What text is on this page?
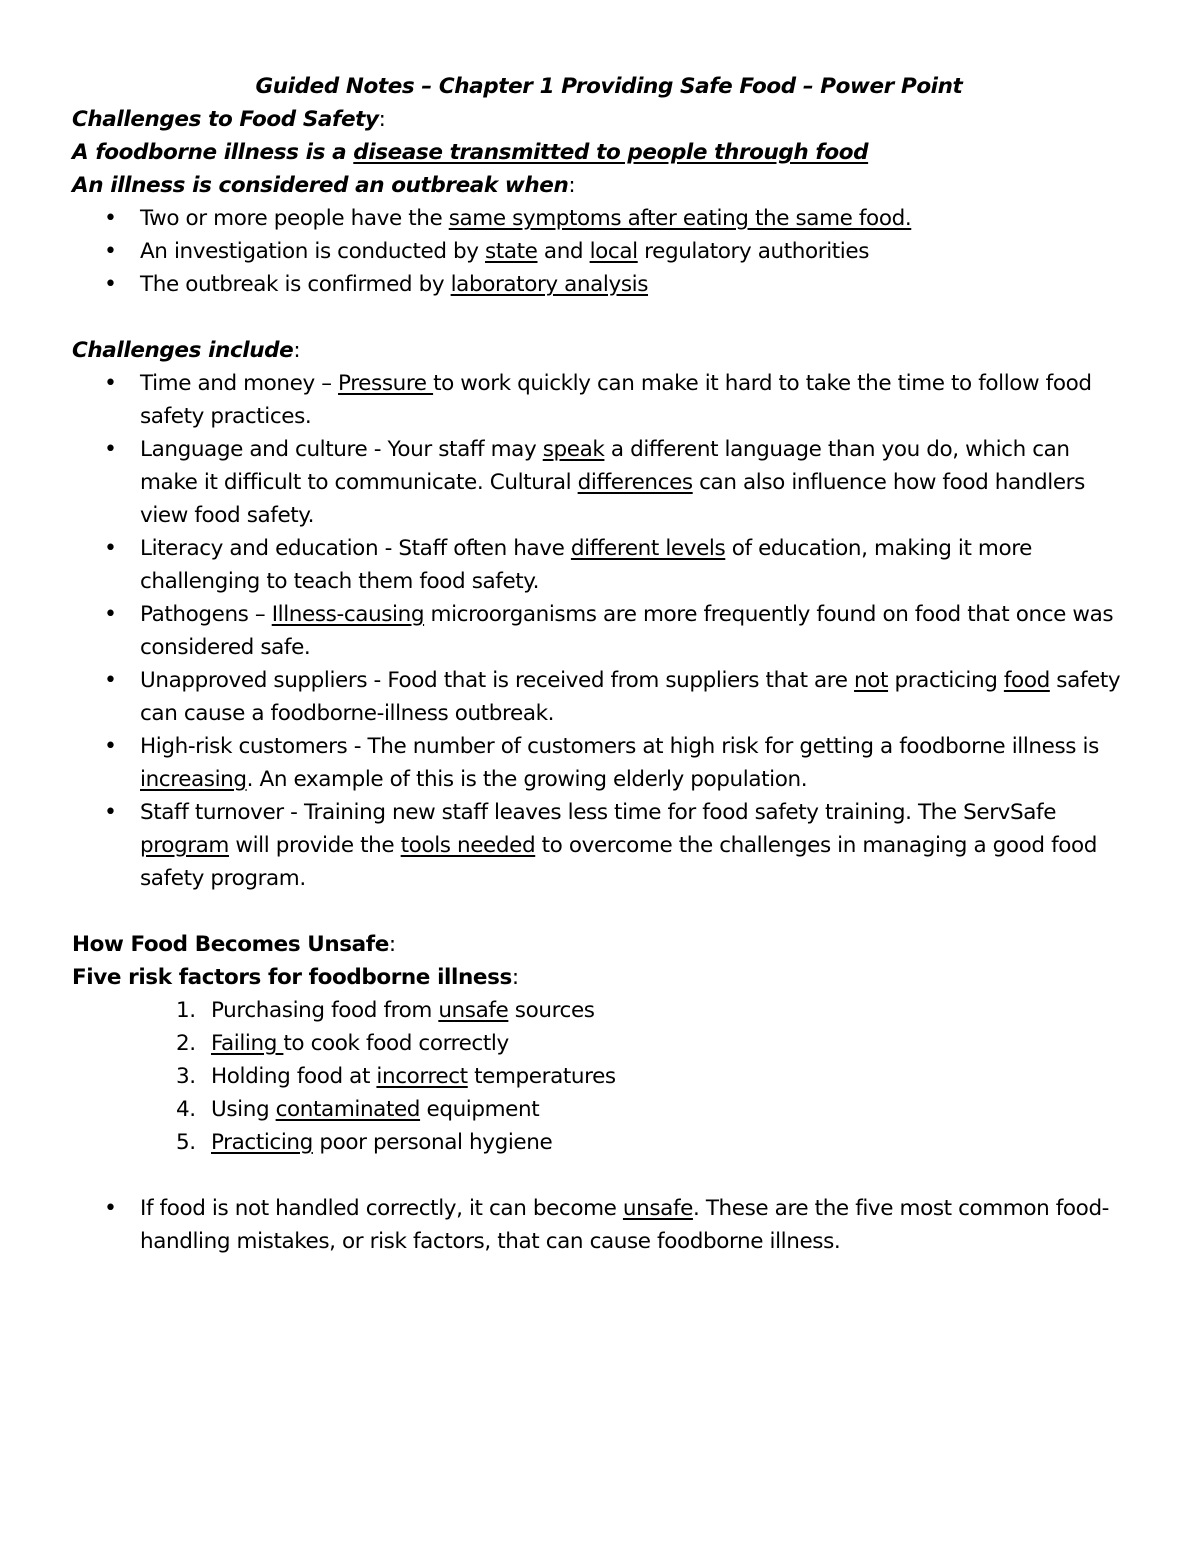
Guided Notes – Chapter 1 Providing Safe Food – Power Point

Challenges to Food Safety:

A foodborne illness is a disease transmitted to people through food

An illness is considered an outbreak when:

• Two or more people have the same symptoms after eating the same food.
• An investigation is conducted by state and local regulatory authorities
• The outbreak is confirmed by laboratory analysis

Challenges include:

• Time and money – Pressure to work quickly can make it hard to take the time to follow food safety practices.
• Language and culture - Your staff may speak a different language than you do, which can make it difficult to communicate. Cultural differences can also influence how food handlers view food safety.
• Literacy and education - Staff often have different levels of education, making it more challenging to teach them food safety.
• Pathogens – Illness-causing microorganisms are more frequently found on food that once was considered safe.
• Unapproved suppliers - Food that is received from suppliers that are not practicing food safety can cause a foodborne-illness outbreak.
• High-risk customers - The number of customers at high risk for getting a foodborne illness is increasing. An example of this is the growing elderly population.
• Staff turnover - Training new staff leaves less time for food safety training. The ServSafe program will provide the tools needed to overcome the challenges in managing a good food safety program.

How Food Becomes Unsafe:

Five risk factors for foodborne illness:

1. Purchasing food from unsafe sources
2. Failing to cook food correctly
3. Holding food at incorrect temperatures
4. Using contaminated equipment
5. Practicing poor personal hygiene
• If food is not handled correctly, it can become unsafe. These are the five most common food-handling mistakes, or risk factors, that can cause foodborne illness.
